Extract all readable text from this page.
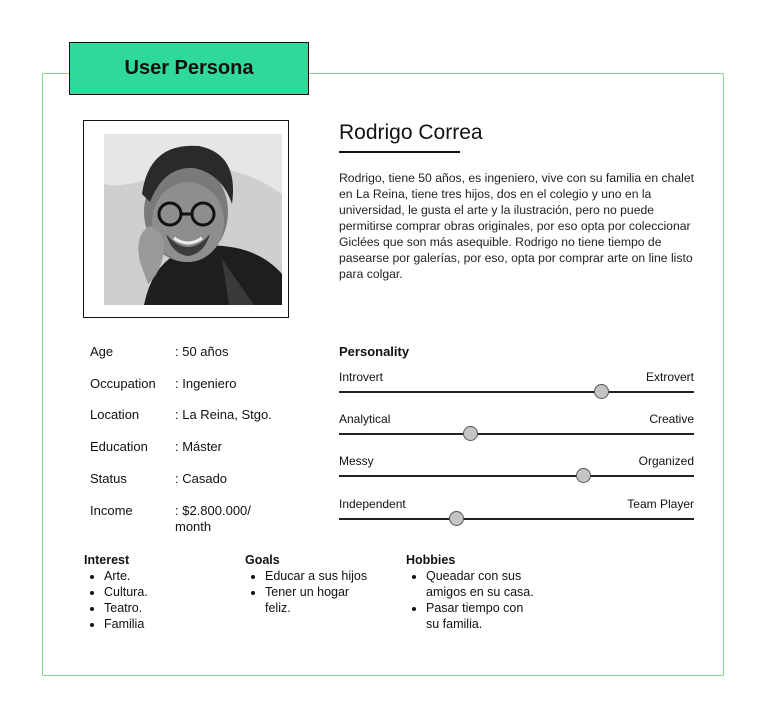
User Persona
Rodrigo Correa
Rodrigo, tiene 50 años, es ingeniero, vive con su familia en chalet en La Reina, tiene tres hijos, dos en el colegio y uno en la universidad, le gusta el arte y la ilustración, pero no puede permitirse comprar obras originales, por eso opta por coleccionar Giclées que son más asequible. Rodrigo no tiene tiempo de pasearse por galerías, por eso, opta por comprar arte on line listo para colgar.
Age	: 50 años
Occupation	: Ingeniero
Location	: La Reina, Stgo.
Education	: Máster
Status	: Casado
Income	: $2.800.000/ month
Personality
Introvert	Extrovert
Analytical	Creative
Messy	Organized
Independent	Team Player
Interest
• Arte.
• Cultura.
• Teatro.
• Familia
Goals
• Educar a sus hijos
• Tener un hogar feliz.
Hobbies
• Queadar con sus amigos en su casa.
• Pasar tiempo con su familia.
